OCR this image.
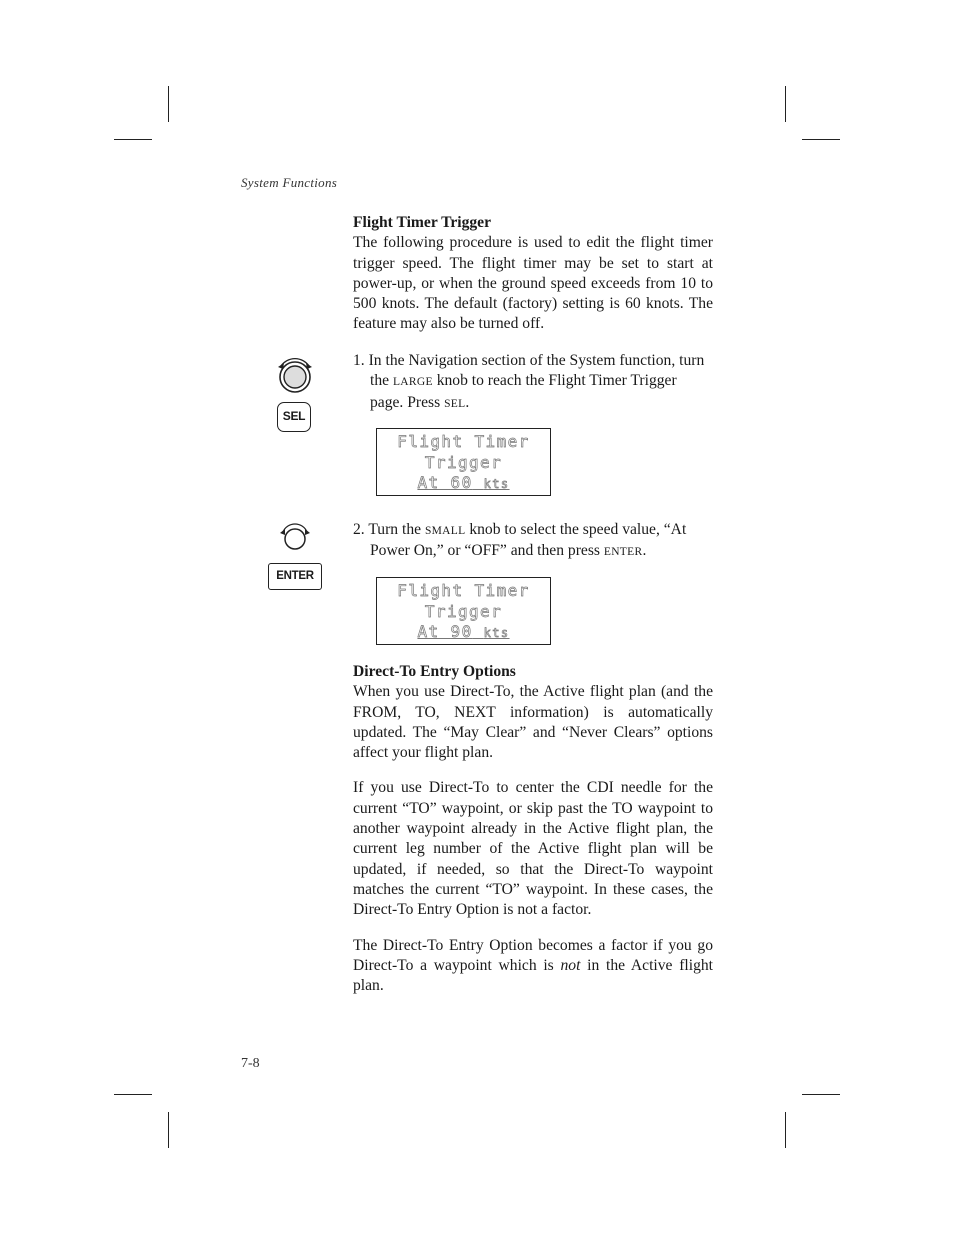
System Functions

Flight Timer Trigger

The following procedure is used to edit the flight timer trigger speed. The flight timer may be set to start at power-up, or when the ground speed exceeds from 10 to 500 knots. The default (factory) setting is 60 knots. The feature may also be turned off.

SEL
1. In the Navigation section of the System function, turn the LARGE knob to reach the Flight Timer Trigger page. Press SEL.
Flight Timer
Trigger
At 60 kts
ENTER
2. Turn the SMALL knob to select the speed value, “At Power On,” or “OFF” and then press ENTER.
Flight Timer
Trigger
At 90 kts

Direct-To Entry Options

When you use Direct-To, the Active flight plan (and the FROM, TO, NEXT information) is automatically updated. The “May Clear” and “Never Clears” options affect your flight plan.

If you use Direct-To to center the CDI needle for the current “TO” waypoint, or skip past the TO waypoint to another waypoint already in the Active flight plan, the current leg number of the Active flight plan will be updated, if needed, so that the Direct-To waypoint matches the current “TO” waypoint. In these cases, the Direct-To Entry Option is not a factor.

The Direct-To Entry Option becomes a factor if you go Direct-To a waypoint which is not in the Active flight plan.

7-8
